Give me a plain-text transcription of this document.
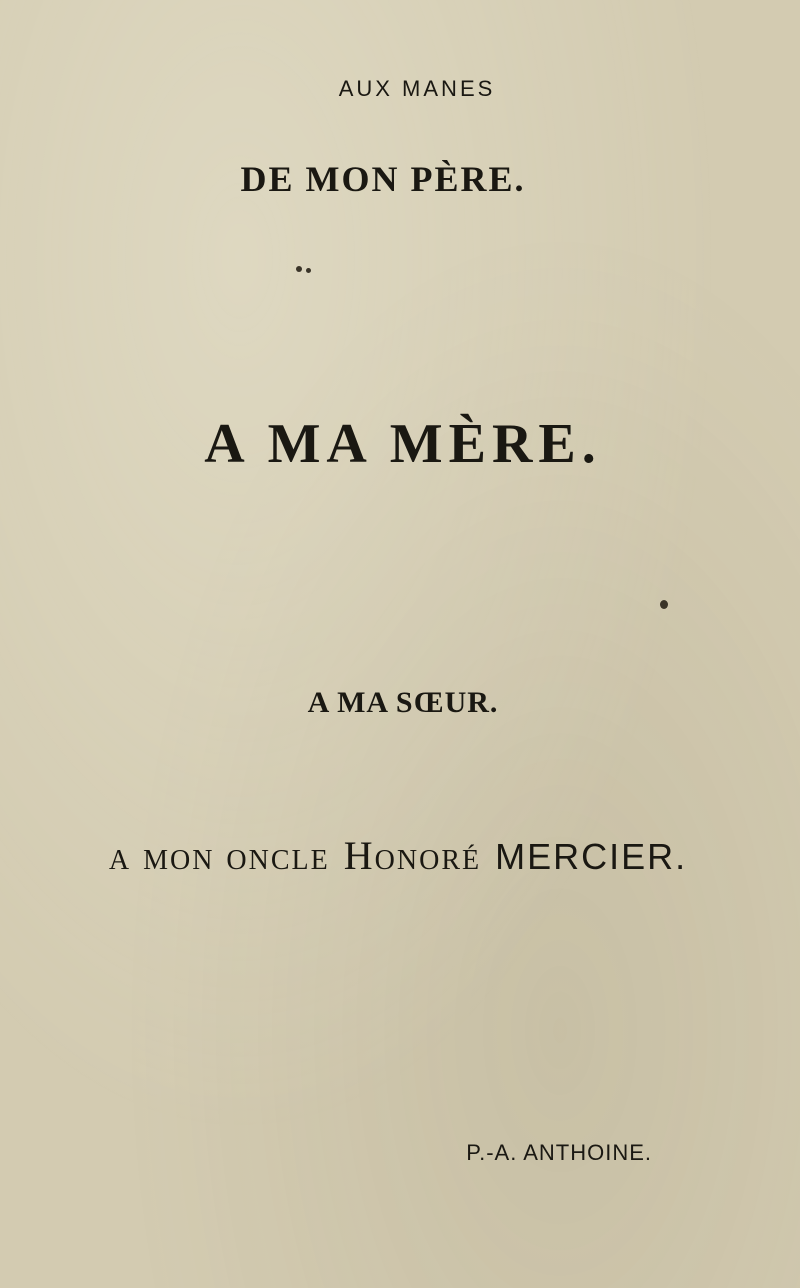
AUX MANES
DE MON PÈRE.
A MA MÈRE.
A MA SŒUR.
a mon oncle Honoré MERCIER.
P.-A. ANTHOINE.
